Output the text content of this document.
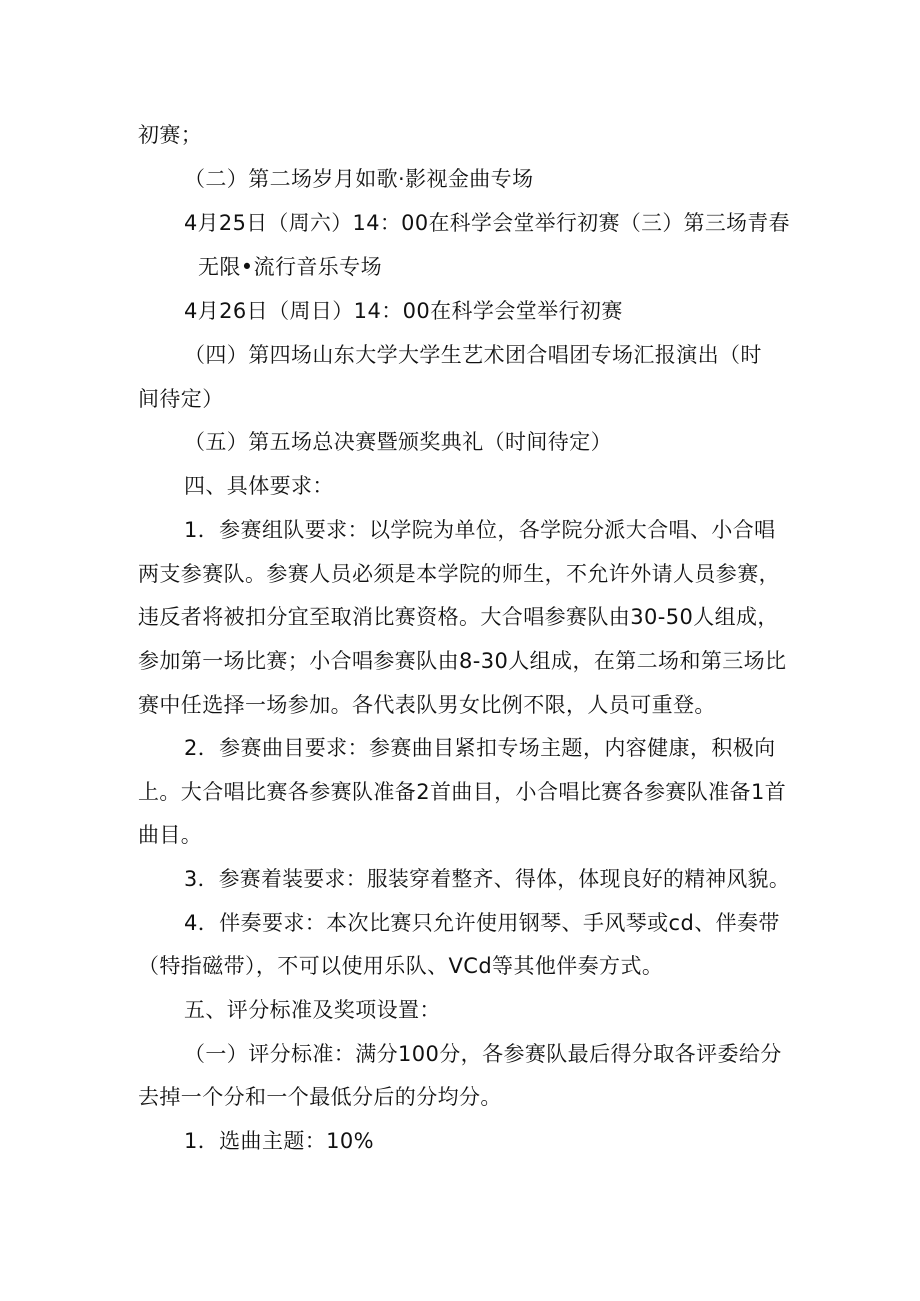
初赛；
（二）第二场岁月如歌·影视金曲专场
4月25日（周六）14：00在科学会堂举行初赛（三）第三场青春
无限•流行音乐专场
4月26日（周日）14：00在科学会堂举行初赛
（四）第四场山东大学大学生艺术团合唱团专场汇报演出（时
间待定）
（五）第五场总决赛暨颁奖典礼（时间待定）
四、具体要求：
1．参赛组队要求：以学院为单位，各学院分派大合唱、小合唱
两支参赛队。参赛人员必须是本学院的师生，不允许外请人员参赛，
违反者将被扣分宜至取消比赛资格。大合唱参赛队由30-50人组成，
参加第一场比赛；小合唱参赛队由8-30人组成，在第二场和第三场比
赛中任选择一场参加。各代表队男女比例不限，人员可重登。
2．参赛曲目要求：参赛曲目紧扣专场主题，内容健康，积极向
上。大合唱比赛各参赛队准备2首曲目，小合唱比赛各参赛队准备1首
曲目。
3．参赛着装要求：服装穿着整齐、得体，体现良好的精神风貌。
4．伴奏要求：本次比赛只允许使用钢琴、手风琴或cd、伴奏带
（特指磁带），不可以使用乐队、VCd等其他伴奏方式。
五、评分标准及奖项设置：
（一）评分标准：满分100分，各参赛队最后得分取各评委给分
去掉一个分和一个最低分后的分均分。
1．选曲主题：10%
